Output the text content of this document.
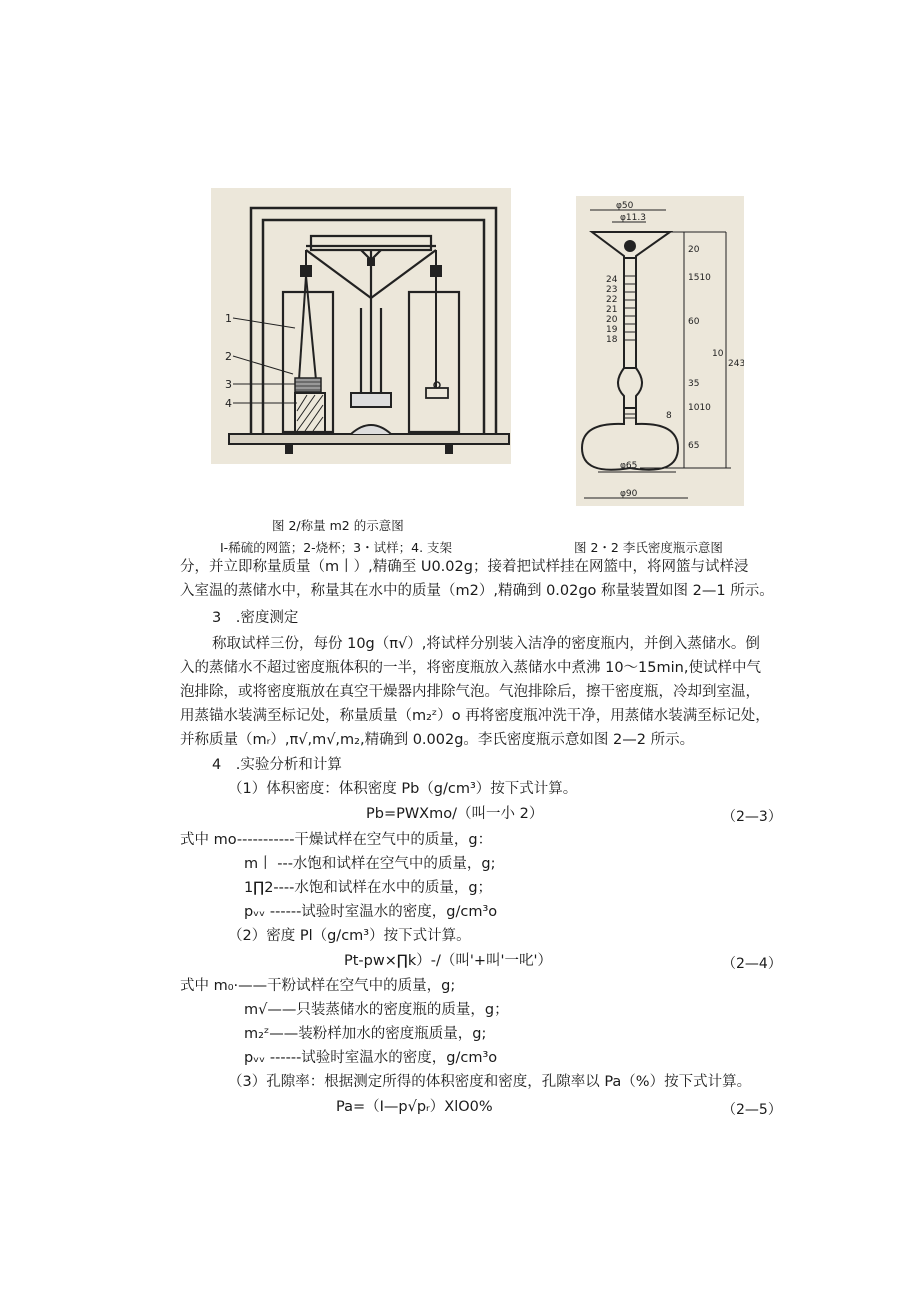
1
2
3
4
φ50
φ11.3
φ65
φ90
24
23
22
21
20
19
18
20
1510
60
10
243
35
1010
8
65
图 2/称量 m2 的示意图
I-稀硫的网篮；2-烧杯；3・试样；4. 支架	图 2・2 李氏密度瓶示意图
分，并立即称量质量（m丨）,精确至 U0.02g；接着把试样挂在网篮中，将网篮与试样浸
入室温的蒸储水中，称量其在水中的质量（m2）,精确到 0.02go 称量装置如图 2—1 所示。
3　.密度测定
称取试样三份，每份 10g（π√）,将试样分别装入洁净的密度瓶内，并倒入蒸储水。倒
入的蒸储水不超过密度瓶体积的一半，将密度瓶放入蒸储水中煮沸 10～15min,使试样中气
泡排除，或将密度瓶放在真空干燥器内排除气泡。气泡排除后，擦干密度瓶，冷却到室温，
用蒸锚水装满至标记处，称量质量（m₂ᶻ）o 再将密度瓶冲洗干净，用蒸储水装满至标记处，
并称质量（mᵣ）,π√,m√,m₂,精确到 0.002g。李氏密度瓶示意如图 2—2 所示。
4　.实验分析和计算
（1）体积密度：体积密度 Pb（g∕cm³）按下式计算。
Pb=PWXmo/（叫一小 2）	（2—3）
式中 mo-----------干燥试样在空气中的质量，g：
m丨 ---水饱和试样在空气中的质量，g;
1∏2----水饱和试样在水中的质量，g；
pᵥᵥ ------试验时室温水的密度，g/cm³o
（2）密度 Pl（g∕cm³）按下式计算。
Pt-pw×∏k）-/（叫'+叫'一叱'）	（2—4）
式中 m₀·——干粉试样在空气中的质量，g;
m√——只装蒸储水的密度瓶的质量，g；
m₂ᶻ——装粉样加水的密度瓶质量，g;
pᵥᵥ ------试验时室温水的密度，g/cm³o
（3）孔隙率：根据测定所得的体积密度和密度，孔隙率以 Pa（%）按下式计算。
Pa=（I—p√pᵣ）XlO0%	（2—5）
